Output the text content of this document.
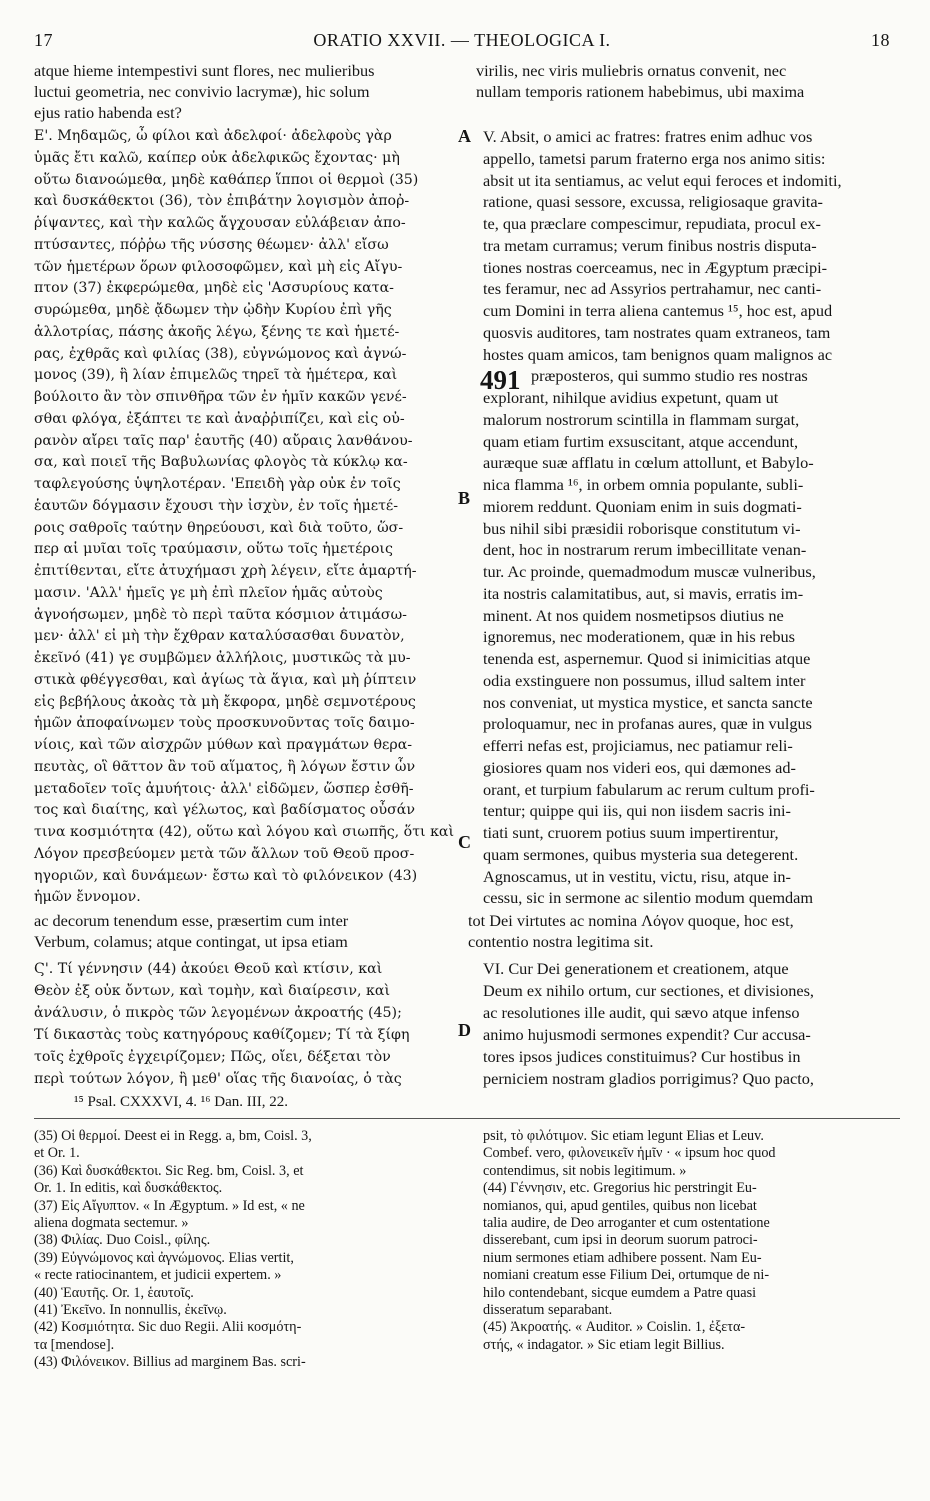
17	ORATIO XXVII. — THEOLOGICA I.	18
atque hieme intempestivi sunt flores, nec mulieribus
luctui geometria, nec convivio lacrymæ), hic solum
ejus ratio habenda est?
virilis, nec viris muliebris ornatus convenit, nec
nullam temporis rationem habebimus, ubi maxima
Ε'. Μηδαμῶς, ὦ φίλοι καὶ ἀδελφοί· ἀδελφοὺς γὰρ
ὑμᾶς ἔτι καλῶ, καίπερ οὐκ ἀδελφικῶς ἔχοντας· μὴ
οὕτω διανοώμεθα, μηδὲ καθάπερ ἵπποι οἱ θερμοὶ (35)
καὶ δυσκάθεκτοι (36), τὸν ἐπιβάτην λογισμὸν ἀποῤ-
ῥίψαντες, καὶ τὴν καλῶς ἄγχουσαν εὐλάβειαν ἀπο-
πτύσαντες, πόῤῥω τῆς νύσσης θέωμεν· ἀλλ' εἴσω
τῶν ἡμετέρων ὅρων φιλοσοφῶμεν, καὶ μὴ εἰς Αἴγυ-
πτον (37) ἐκφερώμεθα, μηδὲ εἰς 'Ασσυρίους κατα-
συρώμεθα, μηδὲ ᾄδωμεν τὴν ᾠδὴν Κυρίου ἐπὶ γῆς
ἀλλοτρίας, πάσης ἀκοῆς λέγω, ξένης τε καὶ ἡμετέ-
ρας, ἐχθρᾶς καὶ φιλίας (38), εὐγνώμονος καὶ ἀγνώ-
μονος (39), ἣ λίαν ἐπιμελῶς τηρεῖ τὰ ἡμέτερα, καὶ
βούλοιτο ἂν τὸν σπινθῆρα τῶν ἐν ἡμῖν κακῶν γενέ-
σθαι φλόγα, ἐξάπτει τε καὶ ἀναῤῥιπίζει, καὶ εἰς οὐ-
ρανὸν αἴρει ταῖς παρ' ἑαυτῆς (40) αὔραις λανθάνου-
σα, καὶ ποιεῖ τῆς Βαβυλωνίας φλογὸς τὰ κύκλῳ κα-
ταφλεγούσης ὑψηλοτέραν. 'Επειδὴ γὰρ οὐκ ἐν τοῖς
ἑαυτῶν δόγμασιν ἔχουσι τὴν ἰσχὺν, ἐν τοῖς ἡμετέ-
ροις σαθροῖς ταύτην θηρεύουσι, καὶ διὰ τοῦτο, ὥσ-
περ αἱ μυῖαι τοῖς τραύμασιν, οὕτω τοῖς ἡμετέροις
ἐπιτίθενται, εἴτε ἀτυχήμασι χρὴ λέγειν, εἴτε ἁμαρτή-
μασιν. 'Αλλ' ἡμεῖς γε μὴ ἐπὶ πλεῖον ἡμᾶς αὐτοὺς
ἀγνοήσωμεν, μηδὲ τὸ περὶ ταῦτα κόσμιον ἀτιμάσω-
μεν· ἀλλ' εἰ μὴ τὴν ἔχθραν καταλύσασθαι δυνατὸν,
ἐκεῖνό (41) γε συμβῶμεν ἀλλήλοις, μυστικῶς τὰ μυ-
στικὰ φθέγγεσθαι, καὶ ἁγίως τὰ ἅγια, καὶ μὴ ῥίπτειν
εἰς βεβήλους ἀκοὰς τὰ μὴ ἔκφορα, μηδὲ σεμνοτέρους
ἡμῶν ἀποφαίνωμεν τοὺς προσκυνοῦντας τοῖς δαιμο-
νίοις, καὶ τῶν αἰσχρῶν μύθων καὶ πραγμάτων θερα-
πευτὰς, οἳ θᾶττον ἂν τοῦ αἵματος, ἢ λόγων ἔστιν ὧν
μεταδοῖεν τοῖς ἀμυήτοις· ἀλλ' εἰδῶμεν, ὥσπερ ἐσθῆ-
τος καὶ διαίτης, καὶ γέλωτος, καὶ βαδίσματος οὖσάν
τινα κοσμιότητα (42), οὕτω καὶ λόγου καὶ σιωπῆς, ὅτι καὶ
Λόγον πρεσβεύομεν μετὰ τῶν ἄλλων τοῦ Θεοῦ προσ-
ηγοριῶν, καὶ δυνάμεων· ἔστω καὶ τὸ φιλόνεικον (43)
ἡμῶν ἔννομον.
A
B
C
D
V. Absit, o amici ac fratres: fratres enim adhuc vos
appello, tametsi parum fraterno erga nos animo sitis:
absit ut ita sentiamus, ac velut equi feroces et indomiti,
ratione, quasi sessore, excussa, religiosaque gravita-
te, qua præclare compescimur, repudiata, procul ex-
tra metam curramus; verum finibus nostris disputa-
tiones nostras coerceamus, nec in Ægyptum præcipi-
tes feramur, nec ad Assyrios pertrahamur, nec canti-
cum Domini in terra aliena cantemus ¹⁵, hoc est, apud
quosvis auditores, tam nostrates quam extraneos, tam
hostes quam amicos, tam benignos quam malignos ac
præposteros, qui summo studio res nostras
explorant, nihilque avidius expetunt, quam ut
malorum nostrorum scintilla in flammam surgat,
quam etiam furtim exsuscitant, atque accendunt,
auræque suæ afflatu in cœlum attollunt, et Babylo-
nica flamma ¹⁶, in orbem omnia populante, subli-
miorem reddunt. Quoniam enim in suis dogmati-
bus nihil sibi præsidii roborisque constitutum vi-
dent, hoc in nostrarum rerum imbecillitate venan-
tur. Ac proinde, quemadmodum muscæ vulneribus,
ita nostris calamitatibus, aut, si mavis, erratis im-
minent. At nos quidem nosmetipsos diutius ne
ignoremus, nec moderationem, quæ in his rebus
tenenda est, aspernemur. Quod si inimicitias atque
odia exstinguere non possumus, illud saltem inter
nos conveniat, ut mystica mystice, et sancta sancte
proloquamur, nec in profanas aures, quæ in vulgus
efferri nefas est, projiciamus, nec patiamur reli-
giosiores quam nos videri eos, qui dæmones ad-
orant, et turpium fabularum ac rerum cultum profi-
tentur; quippe qui iis, qui non iisdem sacris ini-
tiati sunt, cruorem potius suum impertirentur,
quam sermones, quibus mysteria sua detegerent.
Agnoscamus, ut in vestitu, victu, risu, atque in-
cessu, sic in sermone ac silentio modum quemdam
491
ac decorum tenendum esse, præsertim cum inter
Verbum, colamus; atque contingat, ut ipsa etiam
tot Dei virtutes ac nomina Λόγον quoque, hoc est,
contentio nostra legitima sit.
Ϛ'. Τί γέννησιν (44) ἀκούει Θεοῦ καὶ κτίσιν, καὶ
Θεὸν ἐξ οὐκ ὄντων, καὶ τομὴν, καὶ διαίρεσιν, καὶ
ἀνάλυσιν, ὁ πικρὸς τῶν λεγομένων ἀκροατής (45);
Τί δικαστὰς τοὺς κατηγόρους καθίζομεν; Τί τὰ ξίφη
τοῖς ἐχθροῖς ἐγχειρίζομεν; Πῶς, οἴει, δέξεται τὸν
περὶ τούτων λόγον, ἢ μεθ' οἵας τῆς διανοίας, ὁ τὰς
VI. Cur Dei generationem et creationem, atque
Deum ex nihilo ortum, cur sectiones, et divisiones,
ac resolutiones ille audit, qui sævo atque infenso
animo hujusmodi sermones expendit? Cur accusa-
tores ipsos judices constituimus? Cur hostibus in
perniciem nostram gladios porrigimus? Quo pacto,
¹⁵ Psal. CXXXVI, 4. ¹⁶ Dan. III, 22.
(35) Οἱ θερμοί. Deest ei in Regg. a, bm, Coisl. 3,
et Or. 1.
(36) Καὶ δυσκάθεκτοι. Sic Reg. bm, Coisl. 3, et
Or. 1. In editis, καὶ δυσκάθεκτος.
(37) Εἰς Αἴγυπτον. « In Ægyptum. » Id est, « ne
aliena dogmata sectemur. »
(38) Φιλίας. Duo Coisl., φίλης.
(39) Εὐγνώμονος καὶ ἀγνώμονος. Elias vertit,
« recte ratiocinantem, et judicii expertem. »
(40) Ἑαυτῆς. Or. 1, ἑαυτοῖς.
(41) Ἐκεῖνο. In nonnullis, ἐκεῖνῳ.
(42) Κοσμιότητα. Sic duo Regii. Alii κοσμότη-
τα [mendose].
(43) Φιλόνεικον. Billius ad marginem Bas. scri-
psit, τὸ φιλότιμον. Sic etiam legunt Elias et Leuv.
Combef. vero, φιλονεικεῖν ἡμῖν · « ipsum hoc quod
contendimus, sit nobis legitimum. »
(44) Γέννησιν, etc. Gregorius hic perstringit Eu-
nomianos, qui, apud gentiles, quibus non licebat
talia audire, de Deo arroganter et cum ostentatione
disserebant, cum ipsi in deorum suorum patroci-
nium sermones etiam adhibere possent. Nam Eu-
nomiani creatum esse Filium Dei, ortumque de ni-
hilo contendebant, sicque eumdem a Patre quasi
disseratum separabant.
(45) Ἀκροατής. « Auditor. » Coislin. 1, ἐξετα-
στής, « indagator. » Sic etiam legit Billius.
